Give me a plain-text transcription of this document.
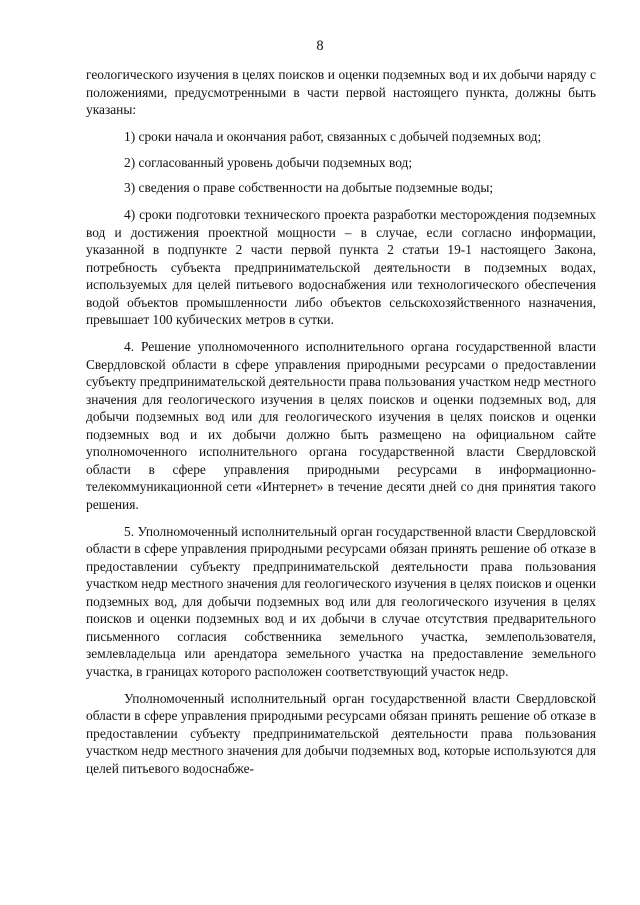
8

геологического изучения в целях поисков и оценки подземных вод и их добычи наряду с положениями, предусмотренными в части первой настоящего пункта, должны быть указаны:

1) сроки начала и окончания работ, связанных с добычей подземных вод;

2) согласованный уровень добычи подземных вод;

3) сведения о праве собственности на добытые подземные воды;

4) сроки подготовки технического проекта разработки месторождения подземных вод и достижения проектной мощности – в случае, если согласно информации, указанной в подпункте 2 части первой пункта 2 статьи 19-1 настоящего Закона, потребность субъекта предпринимательской деятельности в подземных водах, используемых для целей питьевого водоснабжения или технологического обеспечения водой объектов промышленности либо объектов сельскохозяйственного назначения, превышает 100 кубических метров в сутки.

4. Решение уполномоченного исполнительного органа государственной власти Свердловской области в сфере управления природными ресурсами о предоставлении субъекту предпринимательской деятельности права пользования участком недр местного значения для геологического изучения в целях поисков и оценки подземных вод, для добычи подземных вод или для геологического изучения в целях поисков и оценки подземных вод и их добычи должно быть размещено на официальном сайте уполномоченного исполнительного органа государственной власти Свердловской области в сфере управления природными ресурсами в информационно-телекоммуникационной сети «Интернет» в течение десяти дней со дня принятия такого решения.

5. Уполномоченный исполнительный орган государственной власти Свердловской области в сфере управления природными ресурсами обязан принять решение об отказе в предоставлении субъекту предпринимательской деятельности права пользования участком недр местного значения для геологического изучения в целях поисков и оценки подземных вод, для добычи подземных вод или для геологического изучения в целях поисков и оценки подземных вод и их добычи в случае отсутствия предварительного письменного согласия собственника земельного участка, землепользователя, землевладельца или арендатора земельного участка на предоставление земельного участка, в границах которого расположен соответствующий участок недр.

Уполномоченный исполнительный орган государственной власти Свердловской области в сфере управления природными ресурсами обязан принять решение об отказе в предоставлении субъекту предпринимательской деятельности права пользования участком недр местного значения для добычи подземных вод, которые используются для целей питьевого водоснабже-
